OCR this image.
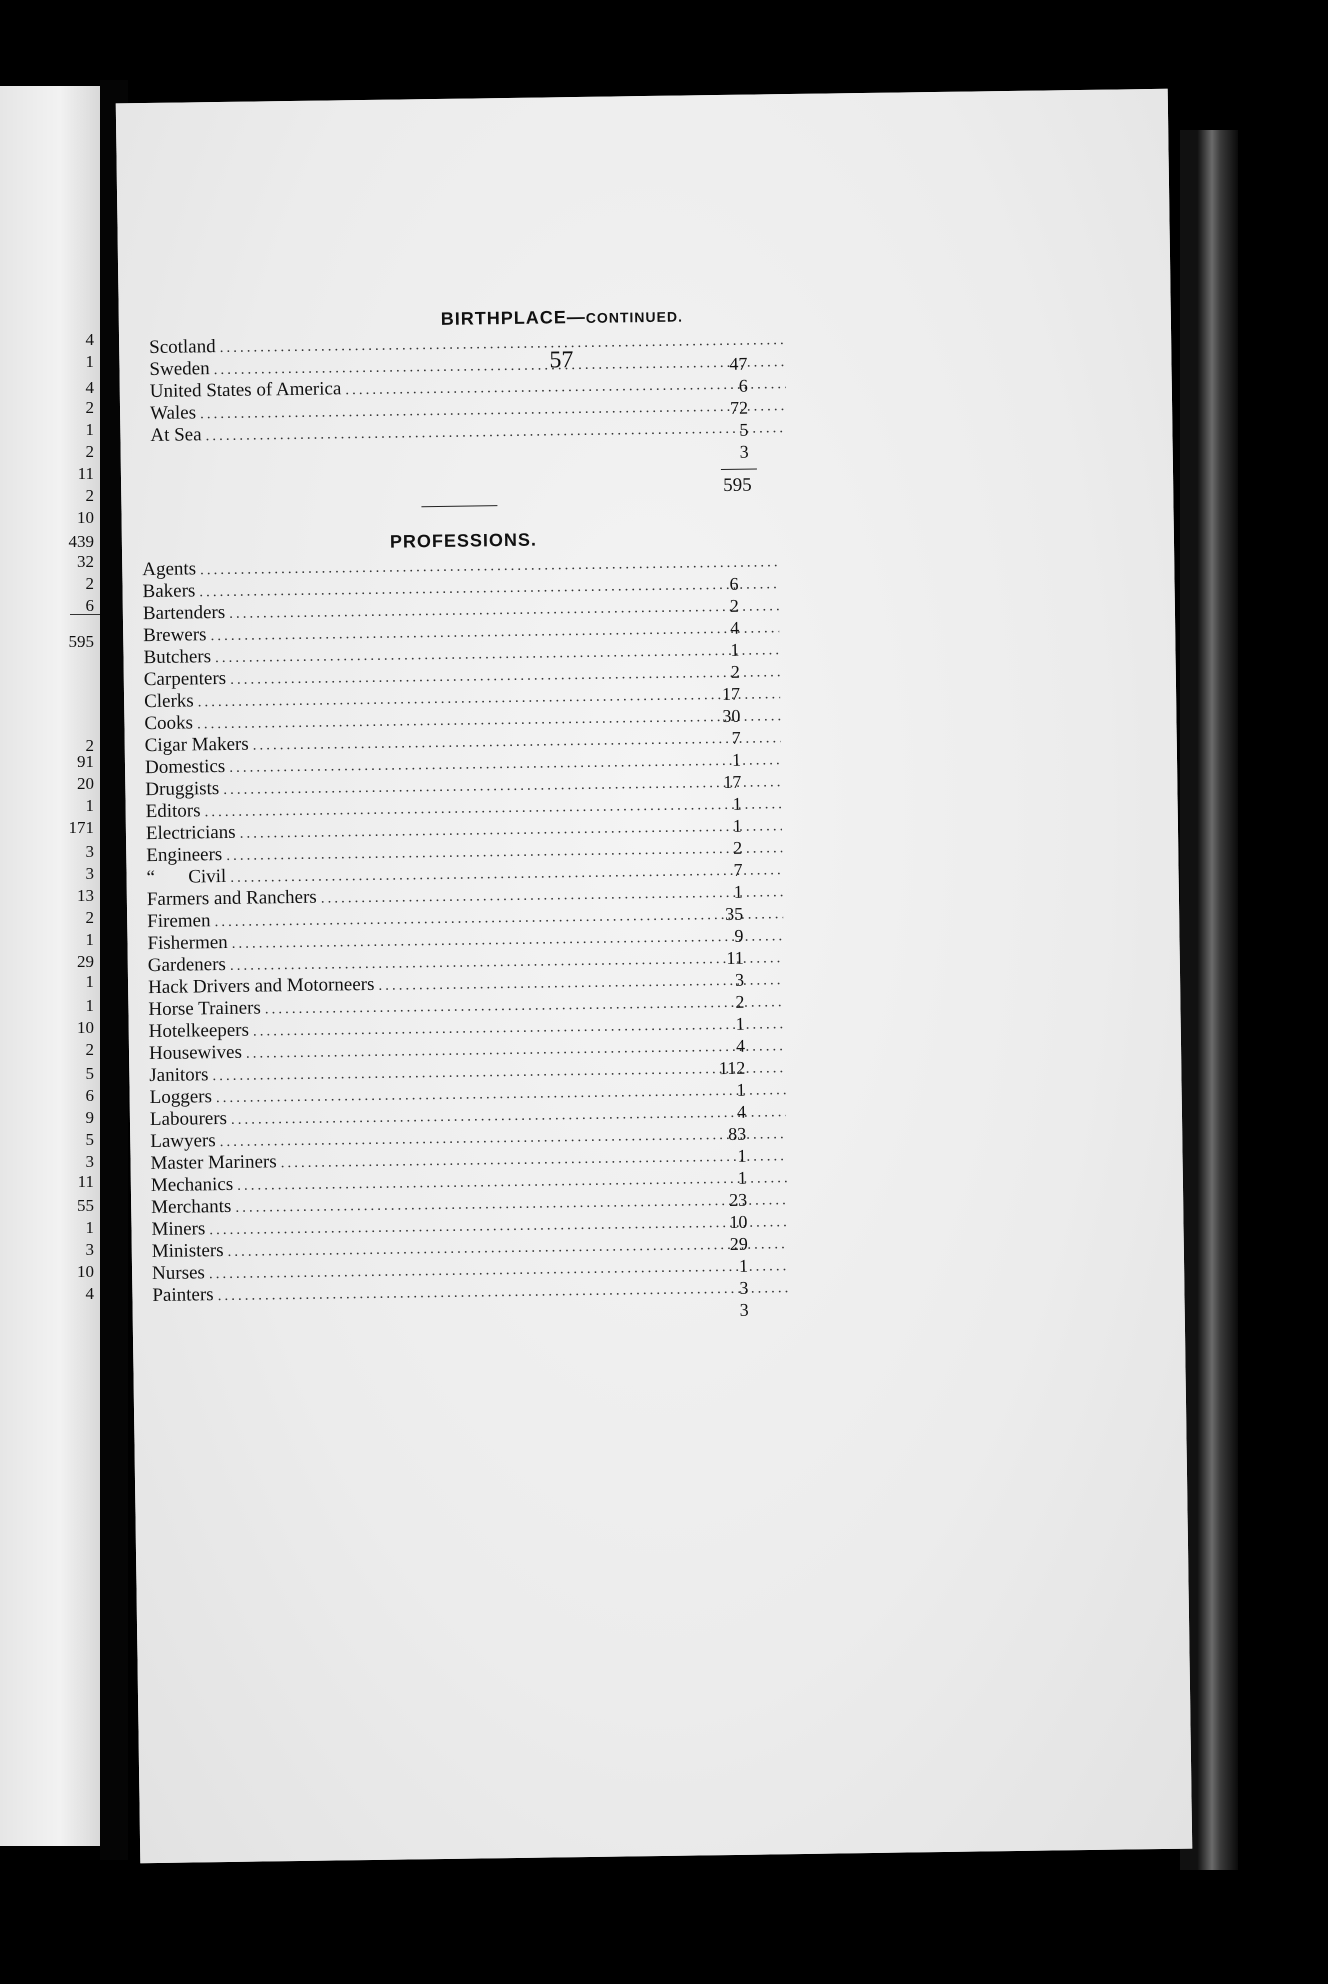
4
1
4
2
1
2
11
2
10
439
32
2
6
595
2
91
20
1
171
3
3
13
2
1
29
1
1
10
2
5
6
9
5
3
11
55
1
3
10
4
57
BIRTHPLACE—CONTINUED.
Scotland
.....
Sweden
.....
United States of America
.....
Wales
.....
At Sea
.....
47
6
72
5
3
595
PROFESSIONS.
Agents
.....
Bakers
.....
Bartenders
.....
Brewers
.....
Butchers
.....
Carpenters
.....
Clerks
.....
Cooks
.....
Cigar Makers
.....
Domestics
.....
Druggists
.....
Editors
.....
Electricians
.....
Engineers
.....
“       Civil
.....
Farmers and Ranchers
.....
Firemen
.....
Fishermen
.....
Gardeners
.....
Hack Drivers and Motorneers
.....
Horse Trainers
.....
Hotelkeepers
.....
Housewives
.....
Janitors
.....
Loggers
.....
Labourers
.....
Lawyers
.....
Master Mariners
.....
Mechanics
.....
Merchants
.....
Miners
.....
Ministers
.....
Nurses
.....
Painters
.....
6
2
4
1
2
17
30
7
1
17
1
1
2
7
1
35
9
11
3
2
1
4
112
1
4
83
1
1
23
10
29
1
3
3
